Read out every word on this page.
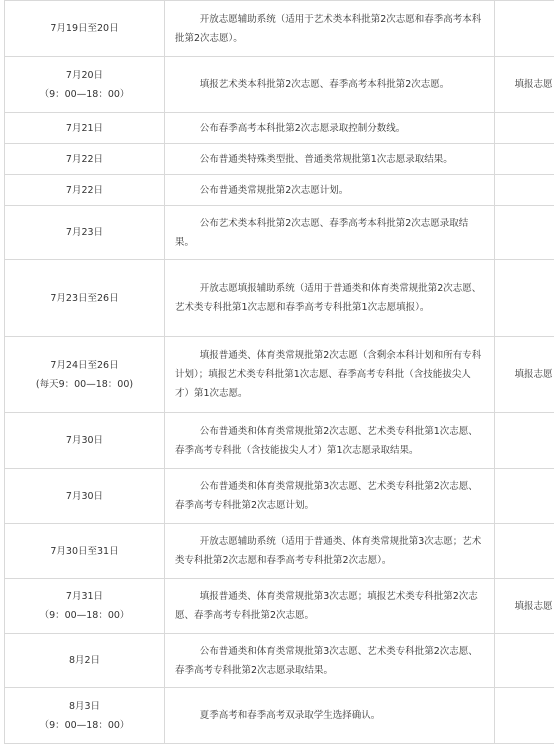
7月19日至20日	开放志愿辅助系统（适用于艺术类本科批第2次志愿和春季高考本科批第2次志愿）。	

7月20日
（9：00—18：00）	填报艺术类本科批第2次志愿、春季高考本科批第2次志愿。	填报志愿

7月21日	公布春季高考本科批第2次志愿录取控制分数线。	

7月22日	公布普通类特殊类型批、普通类常规批第1次志愿录取结果。	

7月22日	公布普通类常规批第2次志愿计划。	

7月23日	公布艺术类本科批第2次志愿、春季高考本科批第2次志愿录取结果。	

7月23日至26日	开放志愿填报辅助系统（适用于普通类和体育类常规批第2次志愿、艺术类专科批第1次志愿和春季高考专科批第1次志愿填报）。	

7月24日至26日
(每天9：00—18：00)	填报普通类、体育类常规批第2次志愿（含剩余本科计划和所有专科计划）；填报艺术类专科批第1次志愿、春季高考专科批（含技能拔尖人才）第1次志愿。	填报志愿

7月30日	公布普通类和体育类常规批第2次志愿、艺术类专科批第1次志愿、春季高考专科批（含技能拔尖人才）第1次志愿录取结果。	

7月30日	公布普通类和体育类常规批第3次志愿、艺术类专科批第2次志愿、春季高考专科批第2次志愿计划。	

7月30日至31日	开放志愿辅助系统（适用于普通类、体育类常规批第3次志愿；艺术类专科批第2次志愿和春季高考专科批第2次志愿）。	

7月31日
（9：00—18：00）	填报普通类、体育类常规批第3次志愿；填报艺术类专科批第2次志愿、春季高考专科批第2次志愿。	填报志愿

8月2日	公布普通类和体育类常规批第3次志愿、艺术类专科批第2次志愿、春季高考专科批第2次志愿录取结果。	

8月3日
（9：00—18：00）	夏季高考和春季高考双录取学生选择确认。	
